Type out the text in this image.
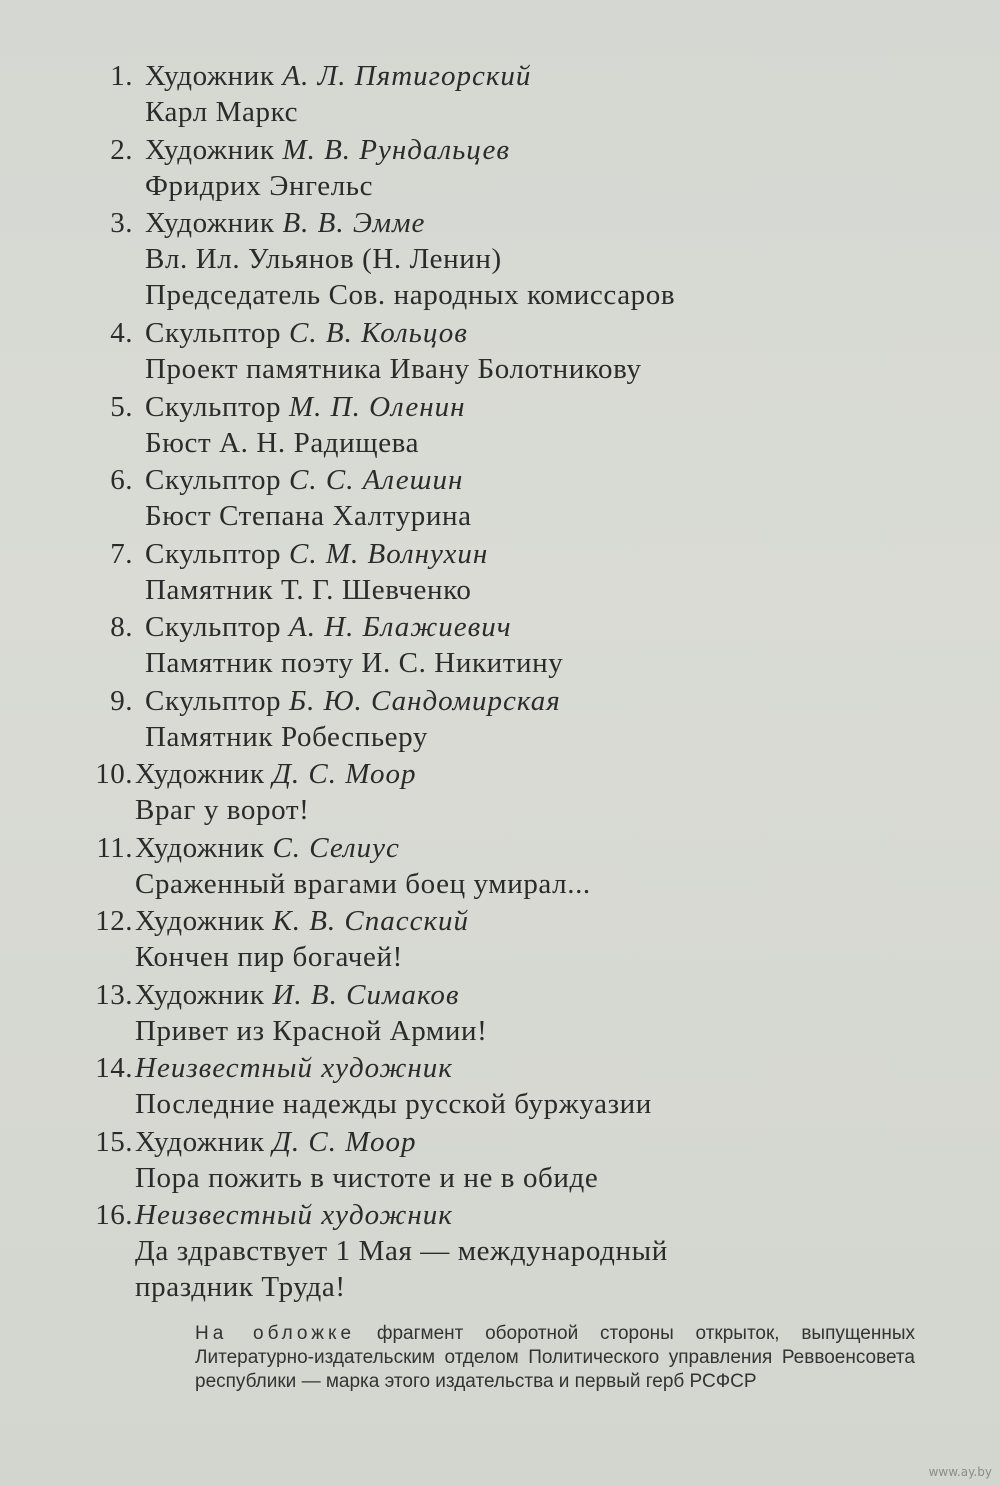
1. Художник А. Л. Пятигорский
Карл Маркс
2. Художник М. В. Рундальцев
Фридрих Энгельс
3. Художник В. В. Эмме
Вл. Ил. Ульянов (Н. Ленин)
Председатель Сов. народных комиссаров
4. Скульптор С. В. Кольцов
Проект памятника Ивану Болотникову
5. Скульптор М. П. Оленин
Бюст А. Н. Радищева
6. Скульптор С. С. Алешин
Бюст Степана Халтурина
7. Скульптор С. М. Волнухин
Памятник Т. Г. Шевченко
8. Скульптор А. Н. Блажиевич
Памятник поэту И. С. Никитину
9. Скульптор Б. Ю. Сандомирская
Памятник Робеспьеру
10. Художник Д. С. Моор
Враг у ворот!
11. Художник С. Селиус
Сраженный врагами боец умирал...
12. Художник К. В. Спасский
Кончен пир богачей!
13. Художник И. В. Симаков
Привет из Красной Армии!
14. Неизвестный художник
Последние надежды русской буржуазии
15. Художник Д. С. Моор
Пора пожить в чистоте и не в обиде
16. Неизвестный художник
Да здравствует 1 Мая — международный
праздник Труда!
На обложке фрагмент оборотной стороны открыток, выпущенных Литературно-издательским отделом Политического управления Реввоенсовета республики — марка этого издательства и первый герб РСФСР
www.ay.by
